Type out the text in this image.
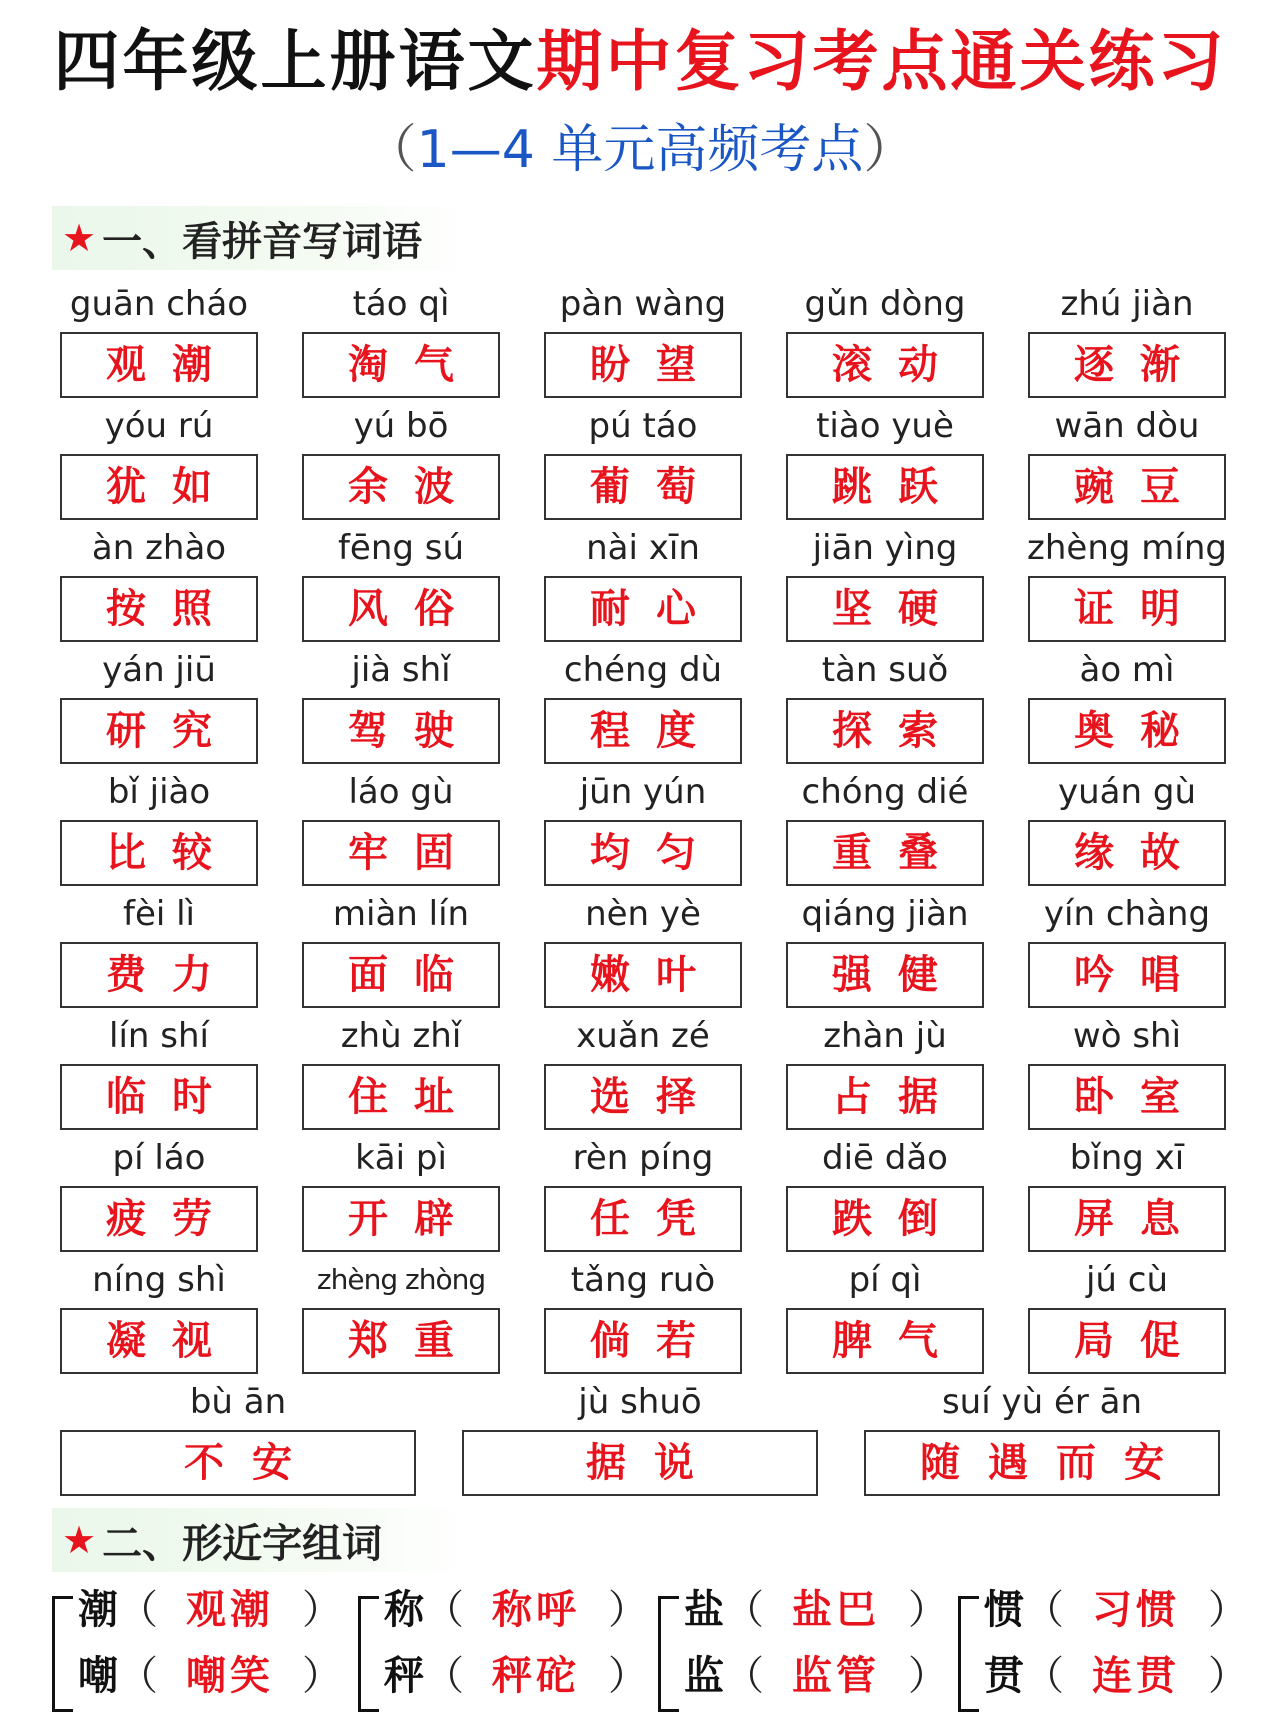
四年级上册语文期中复习考点通关练习
（1—4 单元高频考点）
★ 一、看拼音写词语
guān cháo
观潮
táo qì
淘气
pàn wàng
盼望
gǔn dòng
滚动
zhú jiàn
逐渐
yóu rú
犹如
yú bō
余波
pú táo
葡萄
tiào yuè
跳跃
wān dòu
豌豆
àn zhào
按照
fēng sú
风俗
nài xīn
耐心
jiān yìng
坚硬
zhèng míng
证明
yán jiū
研究
jià shǐ
驾驶
chéng dù
程度
tàn suǒ
探索
ào mì
奥秘
bǐ jiào
比较
láo gù
牢固
jūn yún
均匀
chóng dié
重叠
yuán gù
缘故
fèi lì
费力
miàn lín
面临
nèn yè
嫩叶
qiáng jiàn
强健
yín chàng
吟唱
lín shí
临时
zhù zhǐ
住址
xuǎn zé
选择
zhàn jù
占据
wò shì
卧室
pí láo
疲劳
kāi pì
开辟
rèn píng
任凭
diē dǎo
跌倒
bǐng xī
屏息
níng shì
凝视
zhèng zhòng
郑重
tǎng ruò
倘若
pí qì
脾气
jú cù
局促
bù ān
不安
jù shuō
据说
suí yù ér ān
随遇而安
★ 二、形近字组词
潮（ 观潮 ）
嘲（ 嘲笑 ）
称（ 称呼 ）
秤（ 秤砣 ）
盐（ 盐巴 ）
监（ 监管 ）
惯（ 习惯 ）
贯（ 连贯 ）
